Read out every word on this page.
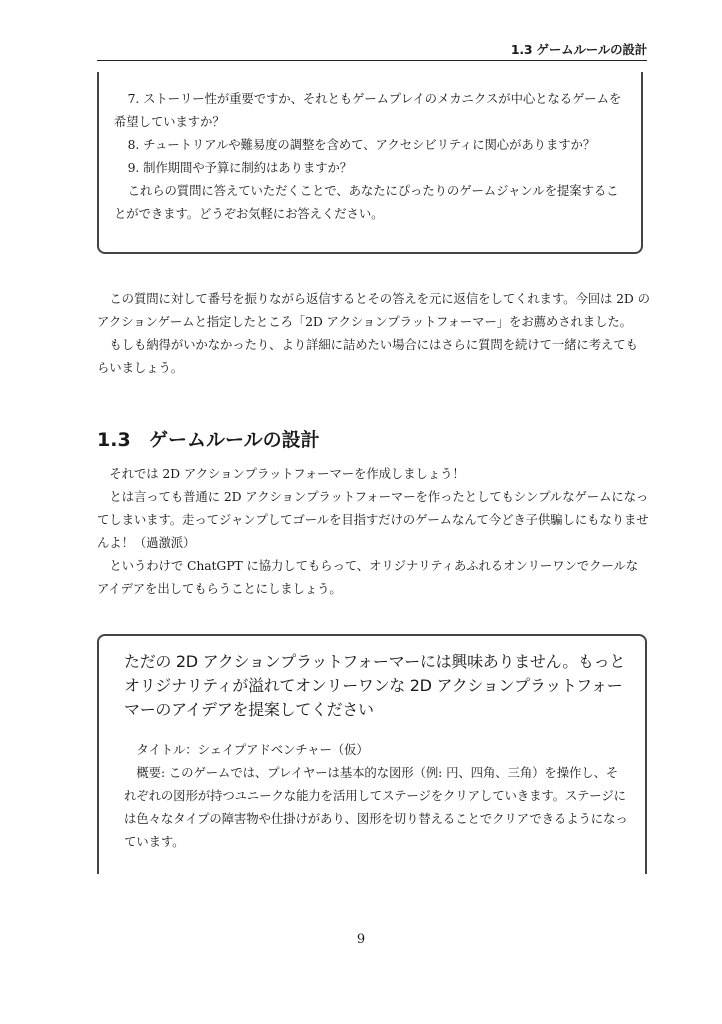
1.3 ゲームルールの設計

7. ストーリー性が重要ですか、それともゲームプレイのメカニクスが中心となるゲームを希望していますか？

8. チュートリアルや難易度の調整を含めて、アクセシビリティに関心がありますか？

9. 制作期間や予算に制約はありますか？

これらの質問に答えていただくことで、あなたにぴったりのゲームジャンルを提案することができます。どうぞお気軽にお答えください。

この質問に対して番号を振りながら返信するとその答えを元に返信をしてくれます。今回は 2D のアクションゲームと指定したところ「2D アクションプラットフォーマー」をお薦めされました。

もしも納得がいかなかったり、より詳細に詰めたい場合にはさらに質問を続けて一緒に考えてもらいましょう。

1.3 ゲームルールの設計

それでは 2D アクションプラットフォーマーを作成しましょう！

とは言っても普通に 2D アクションプラットフォーマーを作ったとしてもシンプルなゲームになってしまいます。走ってジャンプしてゴールを目指すだけのゲームなんて今どき子供騙しにもなりませんよ！（過激派）

というわけで ChatGPT に協力してもらって、オリジナリティあふれるオンリーワンでクールなアイデアを出してもらうことにしましょう。

ただの 2D アクションプラットフォーマーには興味ありません。もっとオリジナリティが溢れてオンリーワンな 2D アクションプラットフォーマーのアイデアを提案してください

タイトル：シェイプアドベンチャー（仮）

概要: このゲームでは、プレイヤーは基本的な図形（例: 円、四角、三角）を操作し、それぞれの図形が持つユニークな能力を活用してステージをクリアしていきます。ステージには色々なタイプの障害物や仕掛けがあり、図形を切り替えることでクリアできるようになっています。

9
